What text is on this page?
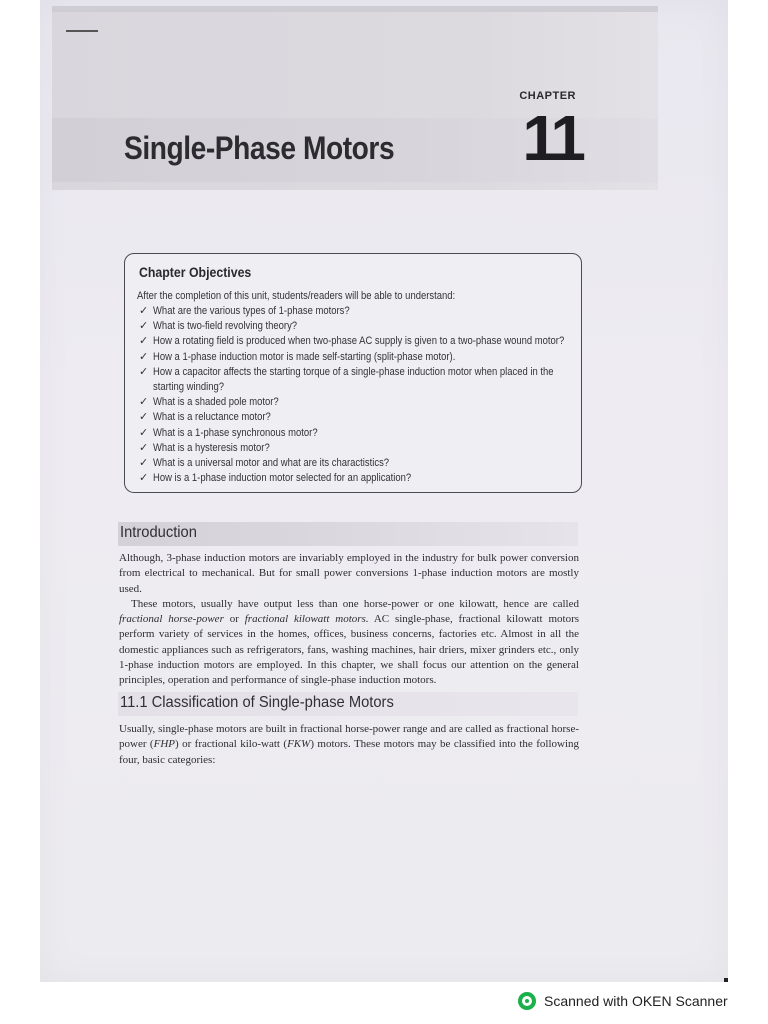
CHAPTER
11
Single-Phase Motors
Chapter Objectives
After the completion of this unit, students/readers will be able to understand:
✓ What are the various types of 1-phase motors?
✓ What is two-field revolving theory?
✓ How a rotating field is produced when two-phase AC supply is given to a two-phase wound motor?
✓ How a 1-phase induction motor is made self-starting (split-phase motor).
✓ How a capacitor affects the starting torque of a single-phase induction motor when placed in the starting winding?
✓ What is a shaded pole motor?
✓ What is a reluctance motor?
✓ What is a 1-phase synchronous motor?
✓ What is a hysteresis motor?
✓ What is a universal motor and what are its charactistics?
✓ How is a 1-phase induction motor selected for an application?
Introduction

Although, 3-phase induction motors are invariably employed in the industry for bulk power conversion from electrical to mechanical. But for small power conversions 1-phase induction motors are mostly used.

These motors, usually have output less than one horse-power or one kilowatt, hence are called fractional horse-power or fractional kilowatt motors. AC single-phase, fractional kilowatt motors perform variety of services in the homes, offices, business concerns, factories etc. Almost in all the domestic appliances such as refrigerators, fans, washing machines, hair driers, mixer grinders etc., only 1-phase induction motors are employed. In this chapter, we shall focus our attention on the general principles, operation and performance of single-phase induction motors.

11.1 Classification of Single-phase Motors

Usually, single-phase motors are built in fractional horse-power range and are called as fractional horse-power (FHP) or fractional kilo-watt (FKW) motors. These motors may be classified into the following four, basic categories:

Scanned with OKEN Scanner
